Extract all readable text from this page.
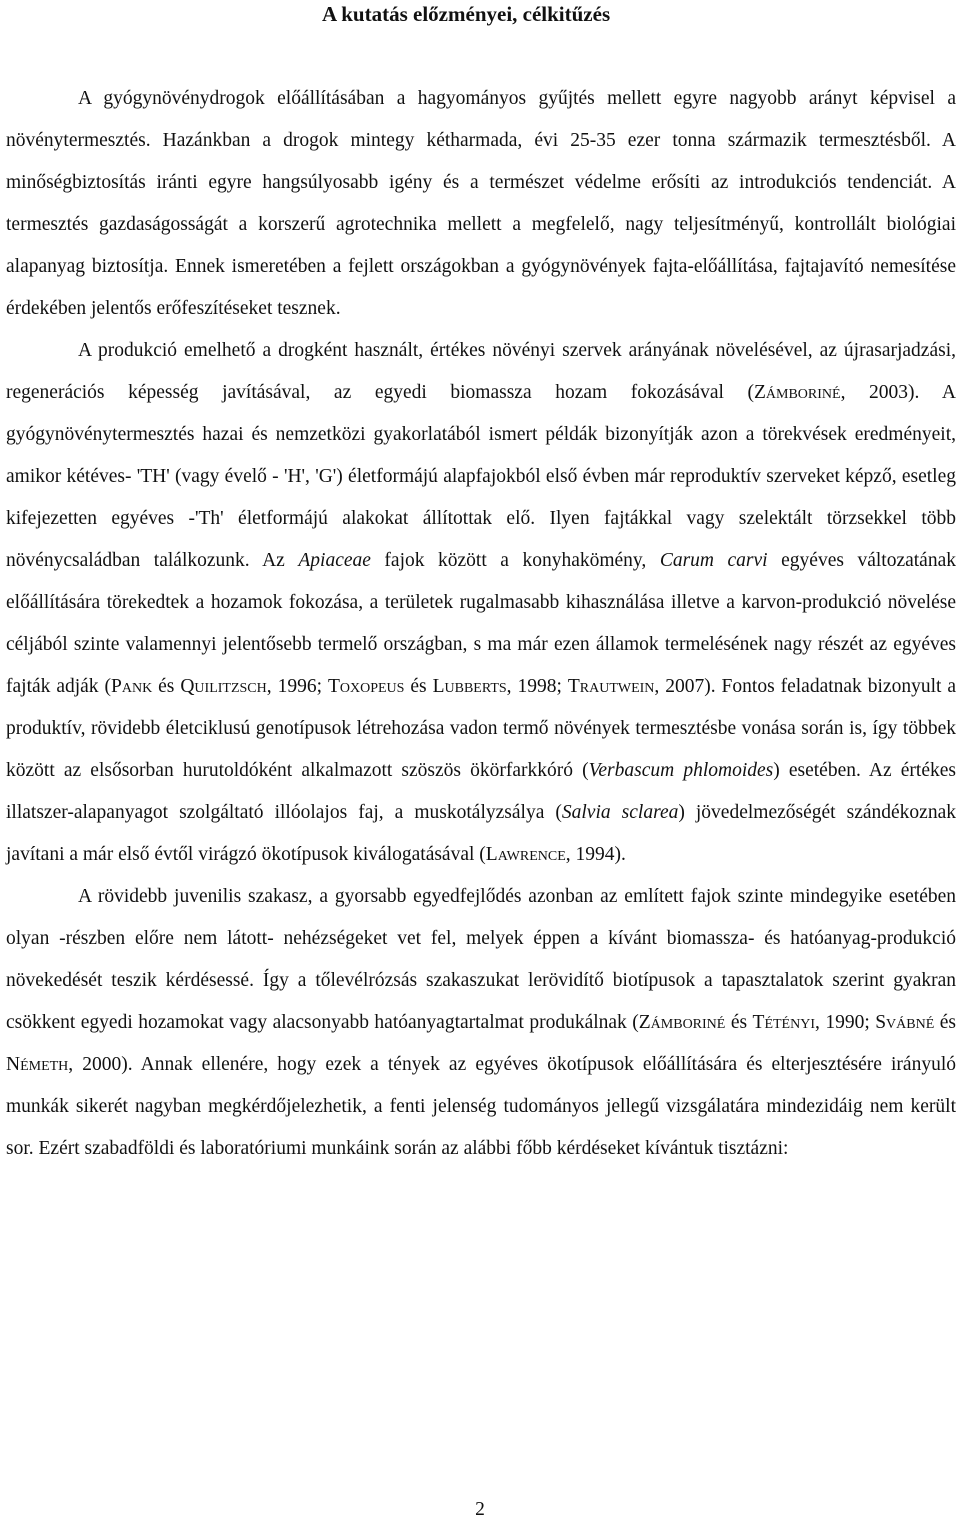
A kutatás előzményei, célkitűzés

A gyógynövénydrogok előállításában a hagyományos gyűjtés mellett egyre nagyobb arányt képvisel a növénytermesztés. Hazánkban a drogok mintegy kétharmada, évi 25-35 ezer tonna származik termesztésből. A minőségbiztosítás iránti egyre hangsúlyosabb igény és a természet védelme erősíti az introdukciós tendenciát. A termesztés gazdaságosságát a korszerű agrotechnika mellett a megfelelő, nagy teljesítményű, kontrollált biológiai alapanyag biztosítja. Ennek ismeretében a fejlett országokban a gyógynövények fajta-előállítása, fajtajavító nemesítése érdekében jelentős erőfeszítéseket tesznek.

A produkció emelhető a drogként használt, értékes növényi szervek arányának növelésével, az újrasarjadzási, regenerációs képesség javításával, az egyedi biomassza hozam fokozásával (Zámboriné, 2003). A gyógynövénytermesztés hazai és nemzetközi gyakorlatából ismert példák bizonyítják azon a törekvések eredményeit, amikor kétéves- 'TH' (vagy évelő - 'H', 'G') életformájú alapfajokból első évben már reproduktív szerveket képző, esetleg kifejezetten egyéves -'Th' életformájú alakokat állítottak elő. Ilyen fajtákkal vagy szelektált törzsekkel több növénycsaládban találkozunk. Az Apiaceae fajok között a konyhakömény, Carum carvi egyéves változatának előállítására törekedtek a hozamok fokozása, a területek rugalmasabb kihasználása illetve a karvon-produkció növelése céljából szinte valamennyi jelentősebb termelő országban, s ma már ezen államok termelésének nagy részét az egyéves fajták adják (Pank és Quilitzsch, 1996; Toxopeus és Lubberts, 1998; Trautwein, 2007). Fontos feladatnak bizonyult a produktív, rövidebb életciklusú genotípusok létrehozása vadon termő növények termesztésbe vonása során is, így többek között az elsősorban hurutoldóként alkalmazott szöszös ökörfarkkóró (Verbascum phlomoides) esetében. Az értékes illatszer-alapanyagot szolgáltató illóolajos faj, a muskotályzsálya (Salvia sclarea) jövedelmezőségét szándékoznak javítani a már első évtől virágzó ökotípusok kiválogatásával (Lawrence, 1994).

A rövidebb juvenilis szakasz, a gyorsabb egyedfejlődés azonban az említett fajok szinte mindegyike esetében olyan -részben előre nem látott- nehézségeket vet fel, melyek éppen a kívánt biomassza- és hatóanyag-produkció növekedését teszik kérdésessé. Így a tőlevélrózsás szakaszukat lerövidítő biotípusok a tapasztalatok szerint gyakran csökkent egyedi hozamokat vagy alacsonyabb hatóanyagtartalmat produkálnak (Zámboriné és Tétényi, 1990; Svábné és Németh, 2000). Annak ellenére, hogy ezek a tények az egyéves ökotípusok előállítására és elterjesztésére irányuló munkák sikerét nagyban megkérdőjelezhetik, a fenti jelenség tudományos jellegű vizsgálatára mindezidáig nem került sor. Ezért szabadföldi és laboratóriumi munkáink során az alábbi főbb kérdéseket kívántuk tisztázni:

2
